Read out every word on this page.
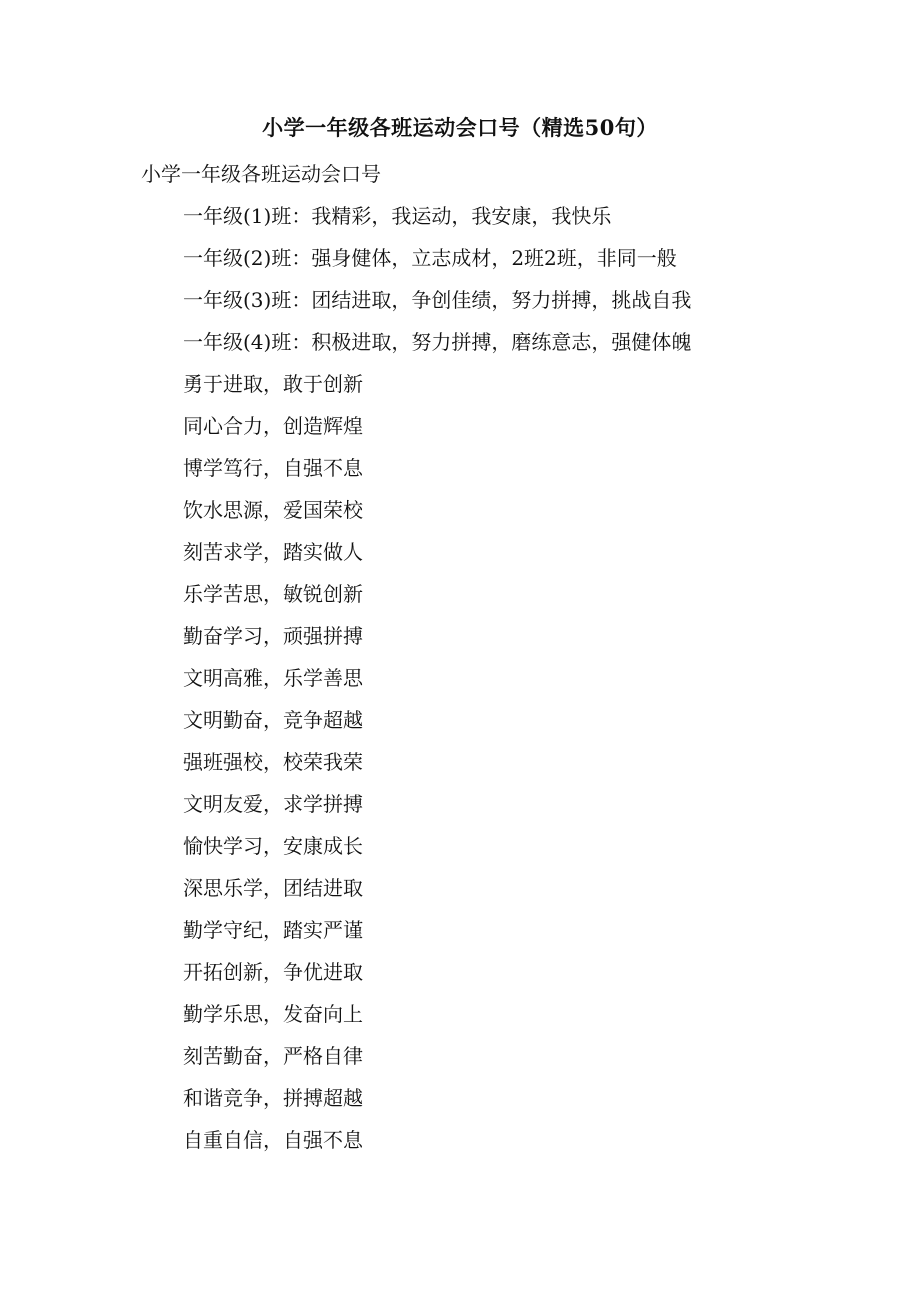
小学一年级各班运动会口号（精选50句）
小学一年级各班运动会口号
一年级(1)班：我精彩，我运动，我安康，我快乐
一年级(2)班：强身健体，立志成材，2班2班，非同一般
一年级(3)班：团结进取，争创佳绩，努力拼搏，挑战自我
一年级(4)班：积极进取，努力拼搏，磨练意志，强健体魄
勇于进取，敢于创新
同心合力，创造辉煌
博学笃行，自强不息
饮水思源，爱国荣校
刻苦求学，踏实做人
乐学苦思，敏锐创新
勤奋学习，顽强拼搏
文明高雅，乐学善思
文明勤奋，竞争超越
强班强校，校荣我荣
文明友爱，求学拼搏
愉快学习，安康成长
深思乐学，团结进取
勤学守纪，踏实严谨
开拓创新，争优进取
勤学乐思，发奋向上
刻苦勤奋，严格自律
和谐竞争，拼搏超越
自重自信，自强不息
